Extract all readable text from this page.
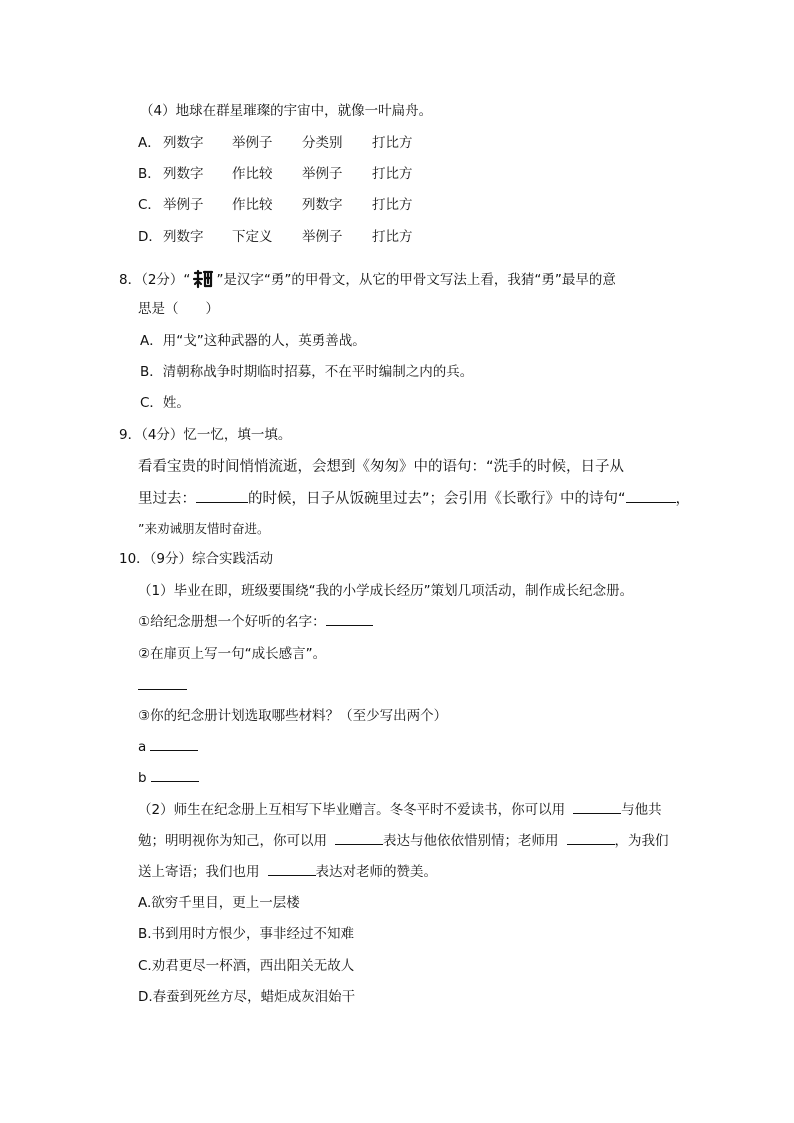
（4）地球在群星璀璨的宇宙中，就像一叶扁舟。
A． 列数字	举例子	分类别	打比方
B． 列数字	作比较	举例子	打比方
C． 举例子	作比较	列数字	打比方
D． 列数字	下定义	举例子	打比方
8．（2分）“ ”是汉字“勇”的甲骨文，从它的甲骨文写法上看，我猜“勇”最早的意
思是（　　）
A．用“戈”这种武器的人，英勇善战。
B．清朝称战争时期临时招募，不在平时编制之内的兵。
C．姓。
9．（4分）忆一忆，填一填。
看看宝贵的时间悄悄流逝，会想到《匆匆》中的语句：“洗手的时候，日子从
里过去：	的时候，日子从饭碗里过去”；会引用《长歌行》中的诗句“	，
”来劝诫朋友惜时奋进。
10．（9分）综合实践活动
（1）毕业在即，班级要围绕“我的小学成长经历”策划几项活动，制作成长纪念册。
①给纪念册想一个好听的名字：
②在扉页上写一句“成长感言”。
③你的纪念册计划选取哪些材料？（至少写出两个）
a
b
（2）师生在纪念册上互相写下毕业赠言。冬冬平时不爱读书，你可以用	与他共
勉；明明视你为知己，你可以用	表达与他依依惜别情；老师用	，为我们
送上寄语；我们也用	表达对老师的赞美。
A.欲穷千里目，更上一层楼
B.书到用时方恨少，事非经过不知难
C.劝君更尽一杯酒，西出阳关无故人
D.春蚕到死丝方尽，蜡炬成灰泪始干
